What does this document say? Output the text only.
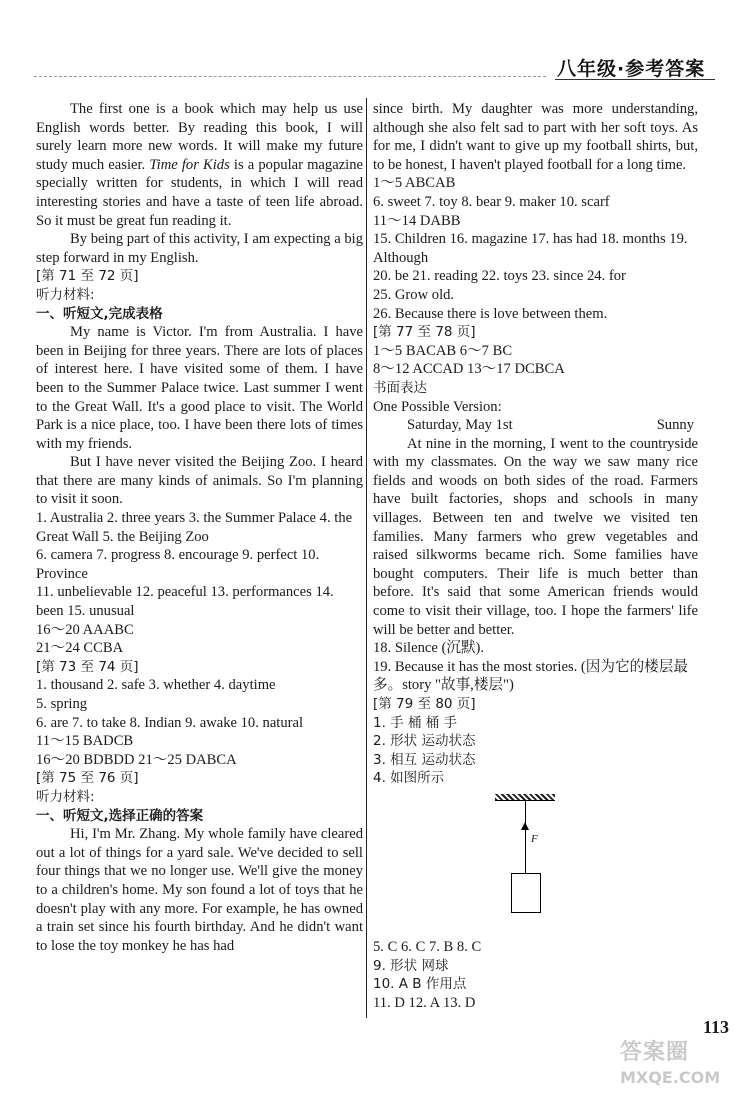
八年级·参考答案

The first one is a book which may help us use English words better. By reading this book, I will surely learn more new words. It will make my future study much easier. Time for Kids is a popular magazine specially written for students, in which I will read interesting stories and have a taste of teen life abroad. So it must be great fun reading it.

By being part of this activity, I am expecting a big step forward in my English.

[第 71 至 72 页]

听力材料:

一、听短文,完成表格

My name is Victor. I'm from Australia. I have been in Beijing for three years. There are lots of places of interest here. I have visited some of them. I have been to the Summer Palace twice. Last summer I went to the Great Wall. It's a good place to visit. The World Park is a nice place, too. I have been there lots of times with my friends.

But I have never visited the Beijing Zoo. I heard that there are many kinds of animals. So I'm planning to visit it soon.

1. Australia 2. three years 3. the Summer Palace 4. the Great Wall 5. the Beijing Zoo

6. camera 7. progress 8. encourage 9. perfect 10. Province

11. unbelievable 12. peaceful 13. performances 14. been 15. unusual

16～20 AAABC

21～24 CCBA

[第 73 至 74 页]

1. thousand 2. safe 3. whether 4. daytime

5. spring

6. are 7. to take 8. Indian 9. awake 10. natural

11～15 BADCB

16～20 BDBDD 21～25 DABCA

[第 75 至 76 页]

听力材料:

一、听短文,选择正确的答案

Hi, I'm Mr. Zhang. My whole family have cleared out a lot of things for a yard sale. We've decided to sell four things that we no longer use. We'll give the money to a children's home. My son found a lot of toys that he doesn't play with any more. For example, he has owned a train set since his fourth birthday. And he didn't want to lose the toy monkey he has had

since birth. My daughter was more understanding, although she also felt sad to part with her soft toys. As for me, I didn't want to give up my football shirts, but, to be honest, I haven't played football for a long time.

1～5 ABCAB

6. sweet 7. toy 8. bear 9. maker 10. scarf

11～14 DABB

15. Children 16. magazine 17. has had 18. months 19. Although

20. be 21. reading 22. toys 23. since 24. for

25. Grow old.

26. Because there is love between them.

[第 77 至 78 页]

1～5 BACAB 6～7 BC

8～12 ACCAD 13～17 DCBCA

书面表达

One Possible Version:

Saturday, May 1st	Sunny

At nine in the morning, I went to the countryside with my classmates. On the way we saw many rice fields and woods on both sides of the road. Farmers have built factories, shops and schools in many villages. Between ten and twelve we visited ten families. Many farmers who grew vegetables and raised silkworms became rich. Some families have bought computers. Their life is much better than before. It's said that some American friends would come to visit their village, too. I hope the farmers' life will be better and better.

18. Silence (沉默).

19. Because it has the most stories. (因为它的楼层最多。story "故事,楼层")

[第 79 至 80 页]

1. 手 桶 桶 手

2. 形状 运动状态

3. 相互 运动状态

4. 如图所示

F

5. C 6. C 7. B 8. C

9. 形状 网球

10. A B 作用点

11. D 12. A 13. D

113
答案圈
MXQE.COM
